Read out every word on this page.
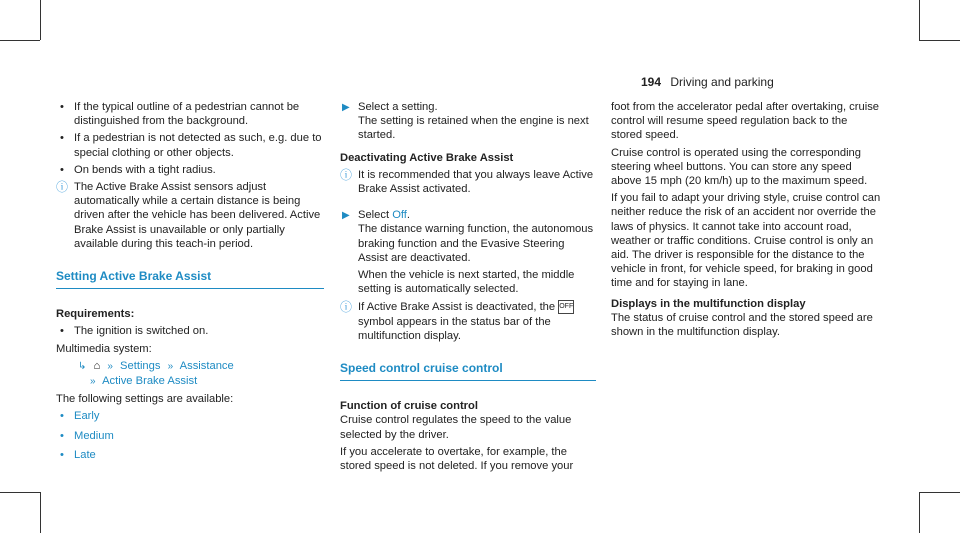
194 Driving and parking
• If the typical outline of a pedestrian cannot be distinguished from the background.
• If a pedestrian is not detected as such, e.g. due to special clothing or other objects.
• On bends with a tight radius.
ⓘ The Active Brake Assist sensors adjust automatically while a certain distance is being driven after the vehicle has been delivered. Active Brake Assist is unavailable or only partially available during this teach-in period.
Setting Active Brake Assist
Requirements:
• The ignition is switched on.
Multimedia system:
↳ ⌂ » Settings » Assistance
» Active Brake Assist
The following settings are available:
• Early
• Medium
• Late
▶ Select a setting.
The setting is retained when the engine is next started.
Deactivating Active Brake Assist
ⓘ It is recommended that you always leave Active Brake Assist activated.
▶ Select Off.
The distance warning function, the autonomous braking function and the Evasive Steering Assist are deactivated.
When the vehicle is next started, the middle setting is automatically selected.
ⓘ If Active Brake Assist is deactivated, the OFF symbol appears in the status bar of the multifunction display.
Speed control cruise control
Function of cruise control
Cruise control regulates the speed to the value selected by the driver.
If you accelerate to overtake, for example, the stored speed is not deleted. If you remove your
foot from the accelerator pedal after overtaking, cruise control will resume speed regulation back to the stored speed.
Cruise control is operated using the corresponding steering wheel buttons. You can store any speed above 15 mph (20 km/h) up to the maximum speed.
If you fail to adapt your driving style, cruise control can neither reduce the risk of an accident nor override the laws of physics. It cannot take into account road, weather or traffic conditions. Cruise control is only an aid. The driver is responsible for the distance to the vehicle in front, for vehicle speed, for braking in good time and for staying in lane.
Displays in the multifunction display
The status of cruise control and the stored speed are shown in the multifunction display.
